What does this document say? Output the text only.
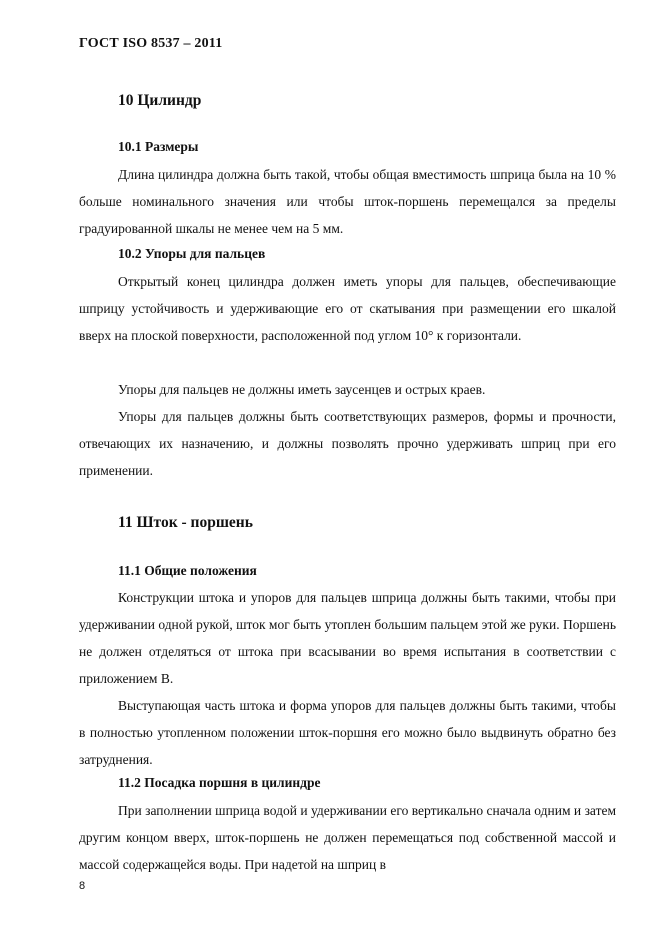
ГОСТ ISO 8537 – 2011
10 Цилиндр
10.1 Размеры

Длина цилиндра должна быть такой, чтобы общая вместимость шприца была на 10 % больше номинального значения или чтобы шток-поршень перемещался за пределы градуированной шкалы не менее чем на 5 мм.

10.2 Упоры для пальцев

Открытый конец цилиндра должен иметь упоры для пальцев, обеспечивающие шприцу устойчивость и удерживающие его от скатывания при размещении его шкалой вверх на плоской поверхности, расположенной под углом 10° к горизонтали.

Упоры для пальцев не должны иметь заусенцев и острых краев.

Упоры для пальцев должны быть соответствующих размеров, формы и прочности, отвечающих их назначению, и должны позволять прочно удерживать шприц при его применении.

11 Шток - поршень
11.1 Общие положения

Конструкции штока и упоров для пальцев шприца должны быть такими, чтобы при удерживании одной рукой, шток мог быть утоплен большим пальцем этой же руки. Поршень не должен отделяться от штока при всасывании во время испытания в соответствии с приложением В.

Выступающая часть штока и форма упоров для пальцев должны быть такими, чтобы в полностью утопленном положении шток-поршня его можно было выдвинуть обратно без затруднения.

11.2 Посадка поршня в цилиндре

При заполнении шприца водой и удерживании его вертикально сначала одним и затем другим концом вверх, шток-поршень не должен перемещаться под собственной массой и массой содержащейся воды. При надетой на шприц в

8
